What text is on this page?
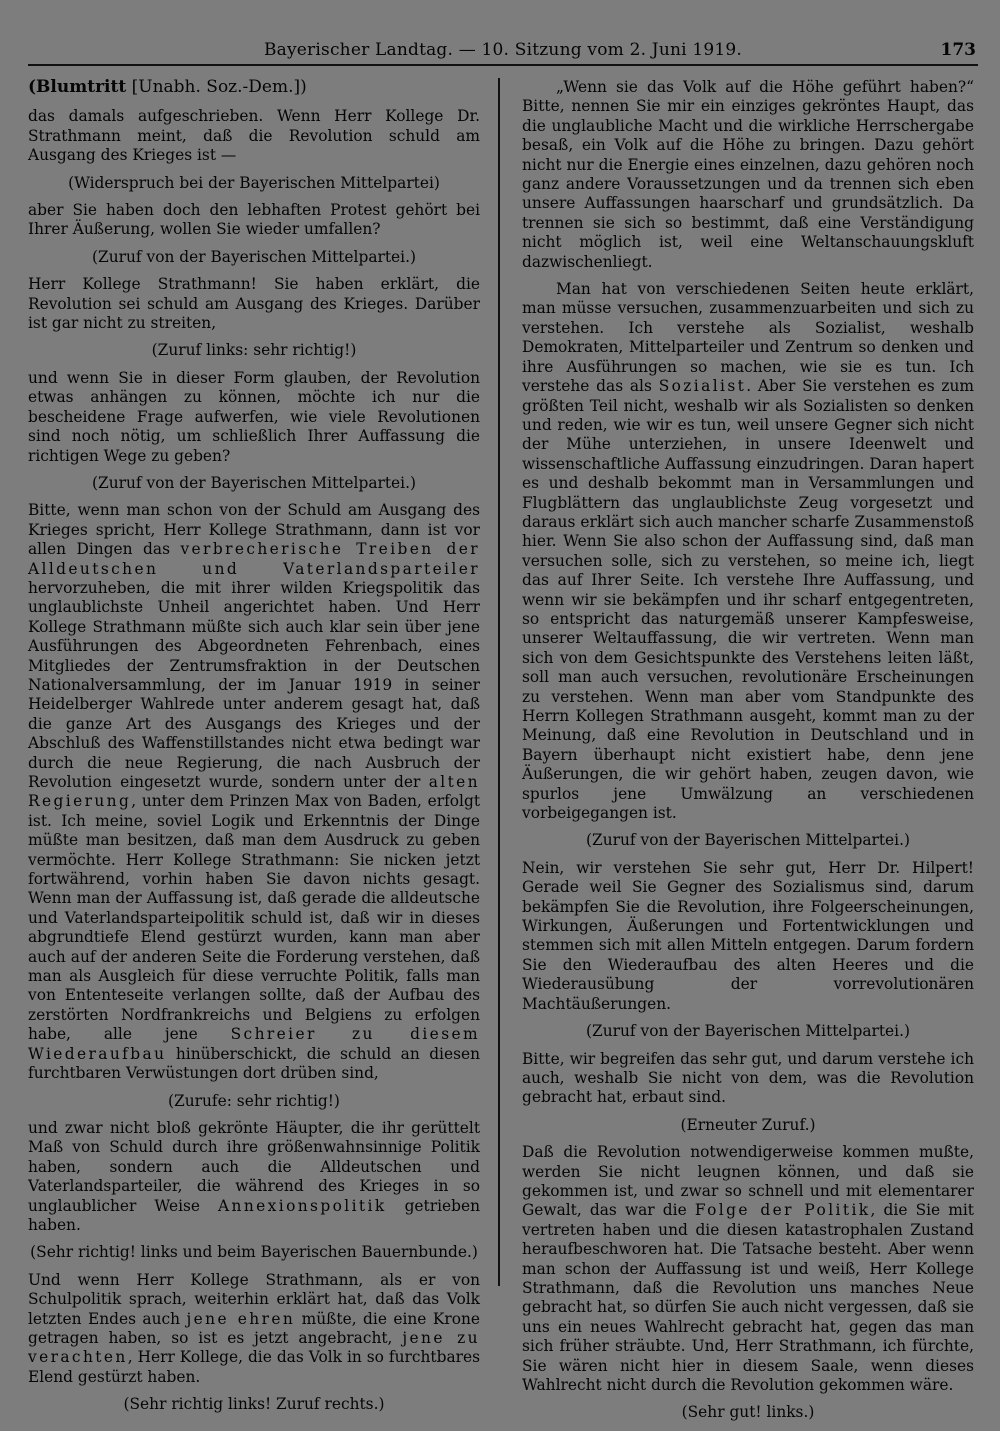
Bayerischer Landtag. — 10. Sitzung vom 2. Juni 1919.	173
(Blumtritt [Unabh. Soz.-Dem.])

das damals aufgeschrieben. Wenn Herr Kollege Dr. Strathmann meint, daß die Revolution schuld am Ausgang des Krieges ist —

(Widerspruch bei der Bayerischen Mittelpartei)

aber Sie haben doch den lebhaften Protest gehört bei Ihrer Äußerung, wollen Sie wieder umfallen?

(Zuruf von der Bayerischen Mittelpartei.)

Herr Kollege Strathmann! Sie haben erklärt, die Revolution sei schuld am Ausgang des Krieges. Darüber ist gar nicht zu streiten,

(Zuruf links: sehr richtig!)

und wenn Sie in dieser Form glauben, der Revolution etwas anhängen zu können, möchte ich nur die bescheidene Frage aufwerfen, wie viele Revolutionen sind noch nötig, um schließlich Ihrer Auffassung die richtigen Wege zu geben?

(Zuruf von der Bayerischen Mittelpartei.)

Bitte, wenn man schon von der Schuld am Ausgang des Krieges spricht, Herr Kollege Strathmann, dann ist vor allen Dingen das verbrecherische Treiben der Alldeutschen und Vaterlandsparteiler hervorzuheben, die mit ihrer wilden Kriegspolitik das unglaublichste Unheil angerichtet haben. Und Herr Kollege Strathmann müßte sich auch klar sein über jene Ausführungen des Abgeordneten Fehrenbach, eines Mitgliedes der Zentrumsfraktion in der Deutschen Nationalversammlung, der im Januar 1919 in seiner Heidelberger Wahlrede unter anderem gesagt hat, daß die ganze Art des Ausgangs des Krieges und der Abschluß des Waffenstillstandes nicht etwa bedingt war durch die neue Regierung, die nach Ausbruch der Revolution eingesetzt wurde, sondern unter der alten Regierung, unter dem Prinzen Max von Baden, erfolgt ist. Ich meine, soviel Logik und Erkenntnis der Dinge müßte man besitzen, daß man dem Ausdruck zu geben vermöchte. Herr Kollege Strathmann: Sie nicken jetzt fortwährend, vorhin haben Sie davon nichts gesagt. Wenn man der Auffassung ist, daß gerade die alldeutsche und Vaterlandsparteipolitik schuld ist, daß wir in dieses abgrundtiefe Elend gestürzt wurden, kann man aber auch auf der anderen Seite die Forderung verstehen, daß man als Ausgleich für diese verruchte Politik, falls man von Ententeseite verlangen sollte, daß der Aufbau des zerstörten Nordfrankreichs und Belgiens zu erfolgen habe, alle jene Schreier zu diesem Wiederaufbau hinüberschickt, die schuld an diesen furchtbaren Verwüstungen dort drüben sind,

(Zurufe: sehr richtig!)

und zwar nicht bloß gekrönte Häupter, die ihr gerüttelt Maß von Schuld durch ihre größenwahnsinnige Politik haben, sondern auch die Alldeutschen und Vaterlandsparteiler, die während des Krieges in so unglaublicher Weise Annexionspolitik getrieben haben.

(Sehr richtig! links und beim Bayerischen Bauernbunde.)

Und wenn Herr Kollege Strathmann, als er von Schulpolitik sprach, weiterhin erklärt hat, daß das Volk letzten Endes auch jene ehren müßte, die eine Krone getragen haben, so ist es jetzt angebracht, jene zu verachten, Herr Kollege, die das Volk in so furchtbares Elend gestürzt haben.

(Sehr richtig links! Zuruf rechts.)

„Wenn sie das Volk auf die Höhe geführt haben?“ Bitte, nennen Sie mir ein einziges gekröntes Haupt, das die unglaubliche Macht und die wirkliche Herrschergabe besaß, ein Volk auf die Höhe zu bringen. Dazu gehört nicht nur die Energie eines einzelnen, dazu gehören noch ganz andere Voraussetzungen und da trennen sich eben unsere Auffassungen haarscharf und grundsätzlich. Da trennen sie sich so bestimmt, daß eine Verständigung nicht möglich ist, weil eine Weltanschauungskluft dazwischenliegt.

Man hat von verschiedenen Seiten heute erklärt, man müsse versuchen, zusammenzuarbeiten und sich zu verstehen. Ich verstehe als Sozialist, weshalb Demokraten, Mittelparteiler und Zentrum so denken und ihre Ausführungen so machen, wie sie es tun. Ich verstehe das als Sozialist. Aber Sie verstehen es zum größten Teil nicht, weshalb wir als Sozialisten so denken und reden, wie wir es tun, weil unsere Gegner sich nicht der Mühe unterziehen, in unsere Ideenwelt und wissenschaftliche Auffassung einzudringen. Daran hapert es und deshalb bekommt man in Versammlungen und Flugblättern das unglaublichste Zeug vorgesetzt und daraus erklärt sich auch mancher scharfe Zusammenstoß hier. Wenn Sie also schon der Auffassung sind, daß man versuchen solle, sich zu verstehen, so meine ich, liegt das auf Ihrer Seite. Ich verstehe Ihre Auffassung, und wenn wir sie bekämpfen und ihr scharf entgegentreten, so entspricht das naturgemäß unserer Kampfesweise, unserer Weltauffassung, die wir vertreten. Wenn man sich von dem Gesichtspunkte des Verstehens leiten läßt, soll man auch versuchen, revolutionäre Erscheinungen zu verstehen. Wenn man aber vom Standpunkte des Herrn Kollegen Strathmann ausgeht, kommt man zu der Meinung, daß eine Revolution in Deutschland und in Bayern überhaupt nicht existiert habe, denn jene Äußerungen, die wir gehört haben, zeugen davon, wie spurlos jene Umwälzung an verschiedenen vorbeigegangen ist.

(Zuruf von der Bayerischen Mittelpartei.)

Nein, wir verstehen Sie sehr gut, Herr Dr. Hilpert! Gerade weil Sie Gegner des Sozialismus sind, darum bekämpfen Sie die Revolution, ihre Folgeerscheinungen, Wirkungen, Äußerungen und Fortentwicklungen und stemmen sich mit allen Mitteln entgegen. Darum fordern Sie den Wiederaufbau des alten Heeres und die Wiederausübung der vorrevolutionären Machtäußerungen.

(Zuruf von der Bayerischen Mittelpartei.)

Bitte, wir begreifen das sehr gut, und darum verstehe ich auch, weshalb Sie nicht von dem, was die Revolution gebracht hat, erbaut sind.

(Erneuter Zuruf.)

Daß die Revolution notwendigerweise kommen mußte, werden Sie nicht leugnen können, und daß sie gekommen ist, und zwar so schnell und mit elementarer Gewalt, das war die Folge der Politik, die Sie mit vertreten haben und die diesen katastrophalen Zustand heraufbeschworen hat. Die Tatsache besteht. Aber wenn man schon der Auffassung ist und weiß, Herr Kollege Strathmann, daß die Revolution uns manches Neue gebracht hat, so dürfen Sie auch nicht vergessen, daß sie uns ein neues Wahlrecht gebracht hat, gegen das man sich früher sträubte. Und, Herr Strathmann, ich fürchte, Sie wären nicht hier in diesem Saale, wenn dieses Wahlrecht nicht durch die Revolution gekommen wäre.

(Sehr gut! links.)
